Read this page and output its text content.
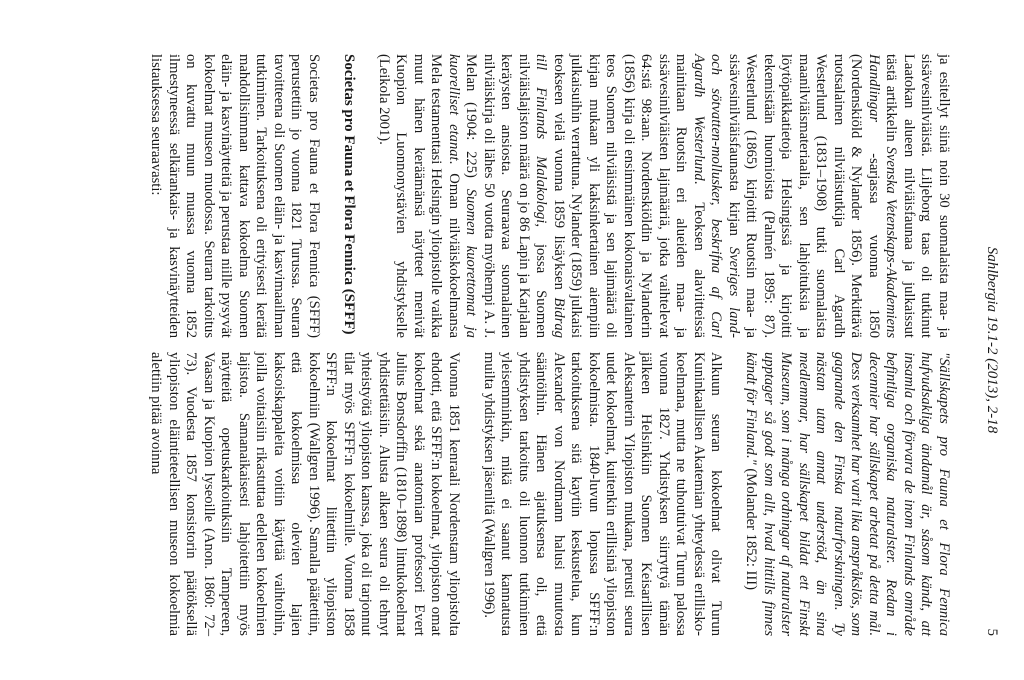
Sahlbergia 19.1-2 (2013), 2-18
5

ja esitellyt siinä noin 30 suomalaista maa- ja sisävesinilviäistä. Liljeborg taas oli tutkinut Laatokan alueen nilviäisfaunaa ja julkaissut tästä artikkelin Svenska Vetenskaps-Akademiens Handlingar -sarjassa vuonna 1850 (Nordenskiöld & Nylander 1856). Merkittävä ruotsalainen nilviäistutkija Carl Agardh Westerlund (1831–1908) tutki suomalaista maanilviäismateriaalia, sen lahjoituksia ja löytöpaikkatietoja Helsingissä ja kirjoitti tekemistään huomioista (Palmén 1895: 87). Westerlund (1865) kirjoitti Ruotsin maa- ja sisävesinilviäisfaunasta kirjan Sveriges land- och sötvatten-mollusker, beskrifna af Carl Agardh Westerlund. Teoksen alaviitteissä mainitaan Ruotsin eri alueiden maa- ja sisävesinilviäisten lajimääriä, jotka vaihtelevat 64:stä 98:aan. Nordenskiöldin ja Nylanderin (1856) kirja oli ensimmäinen kokonaisvaltainen teos Suomen nilviäisistä ja sen lajimäärä oli kirjan mukaan yli kaksinkertainen aiempiin julkaisuihin verrattuna. Nylander (1859) julkaisi teokseen vielä vuonna 1859 lisäyksen Bidrag till Finlands Malakologi, jossa Suomen nilviäislajiston määrä on jo 86 Lapin ja Karjalan keräysten ansiosta. Seuraavaa suomalainen nilviäiskirja oli lähes 50 vuotta myöhempi A. J. Melan (1904: 225) Suomen kuorettomat ja kuorelliset etanat. Oman nilviäiskokoelmansa Mela testamenttasi Helsingin yliopistolle vaikka muut hänen keräämänsä näytteet menivät Kuopion Luonnonystävien yhdistykselle (Leikola 2001).

Societas pro Fauna et Flora Fennica (SFFF)

Societas pro Fauna et Flora Fennica (SFFF) perustettiin jo vuonna 1821 Turussa. Seuran tavoitteena oli Suomen eläin- ja kasvimaailman tutkiminen. Tarkoituksena oli erityisesti kerätä mahdollisimman kattava kokoelma Suomen eläin- ja kasvinäytteitä ja perustaa niille pysyvät kokoelmat museon muodossa. Seuran tarkoitus on kuvattu muun muassa vuonna 1852 ilmestyneessä selkärankais- ja kasvinäytteiden listauksessa seuraavasti:

"Sällskapets pro Fauna et Flora Fennica hufvudsakliga ändamål är, såsom kändt, att insamla och förvara de inom Finlands område befintliga organiska naturalster. Redan i decennier har sällskapet arbetat på detta mål. Dess verksamhet har varit lika anspråkslös, som gagnande den Finska naturforskningen. Ty nästan utan annat understöd, än sina medlemmar, har sällskapet bildat ett Finskt Museum, som i många ordningar af naturalster upptager så godt som allt, hvad hittills finnes kändt för Finland." (Molander 1852: III)

Alkuun seuran kokoelmat olivat Turun Kuninkaallisen Akatemian yhteydessä erillisko-koelmana, mutta ne tuhoutuivat Turun palossa vuonna 1827. Yhdistyksen siirryttyä tämän jälkeen Helsinkiin Suomen Keisarillisen Aleksanterin Yliopiston mukana, perusti seura uudet kokoelmat, kuitenkin erillisinä yliopiston kokoelmista. 1840-luvun lopussa SFFF:n tarkoituksena sitä kaytiin keskustelua, kun Alexander von Nordmann halusi muutosta sääntöihin. Hänen ajatuksensa oli, että yhdistyksen tarkoitus oli luonnon tutkiminen yleisemminkin, mikä ei saanut kannatusta muilta yhdistyksen jäseniltä (Wallgren 1996).

Vuonna 1851 kenraali Nordenstam yliopistolta ehdotti, että SFFF:n kokoelmat, yliopiston omat kokoelmat sekä anatomian professori Evert Julius Bonsdorffin (1810–1898) lintukokoelmat yhdistettäisiin. Alusta alkaen seura oli tehnyt yhteistyötä yliopiston kanssa, joka oli tarjonnut tilat myös SFFF:n kokoelmille. Vuonna 1858 SFFF:n kokoelmat liitettiin yliopiston kokoelmiin (Wallgren 1996). Samalla päätettiin, että kokoelmissa olevien lajien kaksoiskappaleita voitiin käyttää vaihtoihin, joilla voitaisiin rikastuttaa edelleen kokoelmien lajistoa. Samanaikaisesti lahjoitettiin myös näytteitä opetuskarkoituksiin Tampereen, Vaasan ja Kuopion lyseoille (Anon. 1860: 72–73). Vuodesta 1857 konsistorin päätöksellä yliopiston eläintieteellisen museon kokoelmia alettiin pitää avoinna
